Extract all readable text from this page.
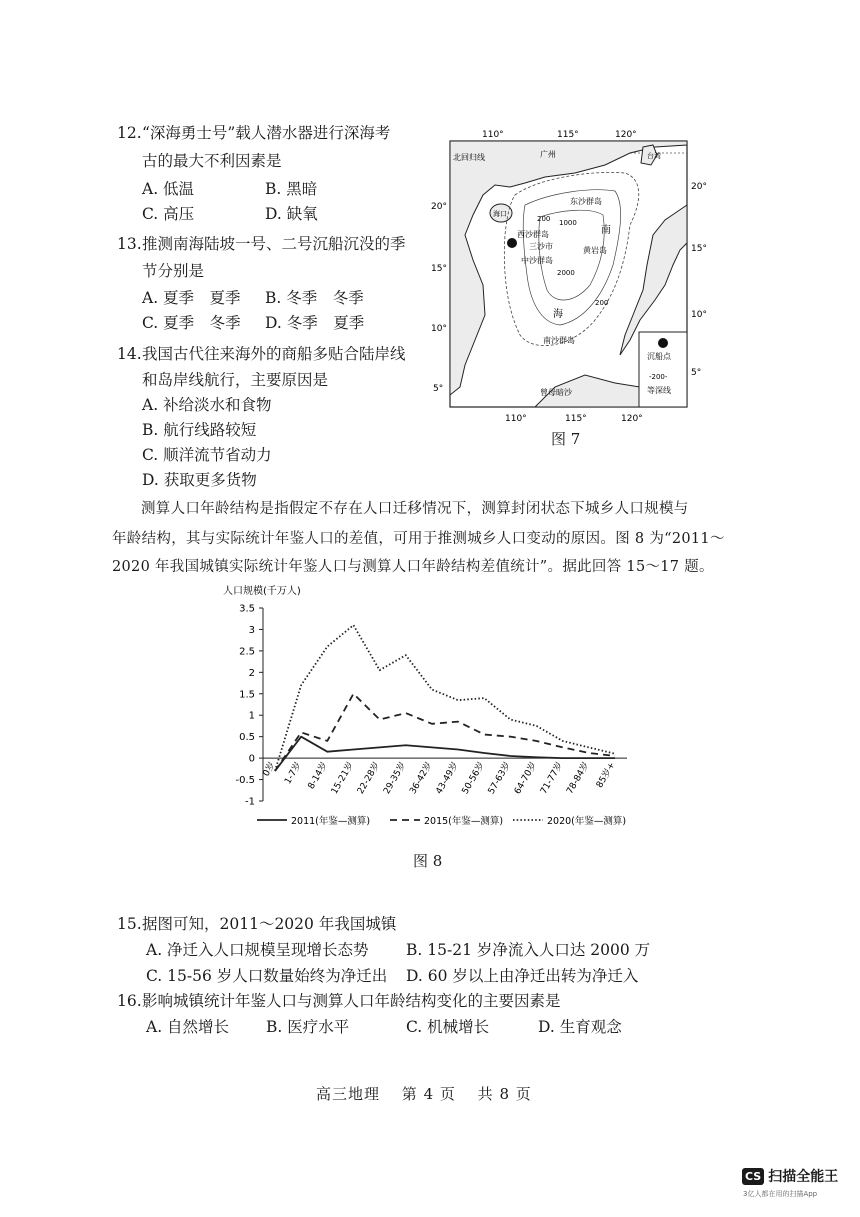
12. “深海勇士号”载人潜水器进行深海考
古的最大不利因素是
A. 低温	B. 黑暗
C. 高压	D. 缺氧
13. 推测南海陆坡一号、二号沉船沉没的季
节分别是
A. 夏季　夏季 B. 冬季　冬季
C. 夏季　冬季 D. 冬季　夏季
14. 我国古代往来海外的商船多贴合陆岸线
和岛岸线航行，主要原因是
A. 补给淡水和食物
B. 航行线路较短
C. 顺洋流节省动力
D. 获取更多货物
110°	115°	120°
110°	115°	120°
20°
15°
10°
5°
20°
15°
10°
5°
北回归线	广州	台湾
海口
东沙群岛
西沙群岛
三沙市
中沙群岛
黄岩岛
南沙群岛
曾母暗沙
南
海
200 1000
2000
200
沉船点
-200-
等深线
图 7
测算人口年龄结构是指假定不存在人口迁移情况下，测算封闭状态下城乡人口规模与
年龄结构，其与实际统计年鉴人口的差值，可用于推测城乡人口变动的原因。图 8 为“2011～
2020 年我国城镇实际统计年鉴人口与测算人口年龄结构差值统计”。据此回答 15～17 题。
人口规模(千万人)
-1
-0.5
0
0.5
1
1.5
2
2.5
3
3.5
0岁 1-7岁 8-14岁 15-21岁 22-28岁 29-35岁 36-42岁 43-49岁 50-56岁 57-63岁 64-70岁 71-77岁 78-84岁 85岁+
2011(年鉴—测算)	2015(年鉴—测算)	2020(年鉴—测算)
图 8
15. 据图可知，2011～2020 年我国城镇
A. 净迁入人口规模呈现增长态势 B. 15-21 岁净流入人口达 2000 万
C. 15-56 岁人口数量始终为净迁出 D. 60 岁以上由净迁出转为净迁入
16. 影响城镇统计年鉴人口与测算人口年龄结构变化的主要因素是
A. 自然增长 B. 医疗水平	C. 机械增长	D. 生育观念
高三地理　 第 4 页　 共 8 页
CS 扫描全能王
3亿人都在用的扫描App
